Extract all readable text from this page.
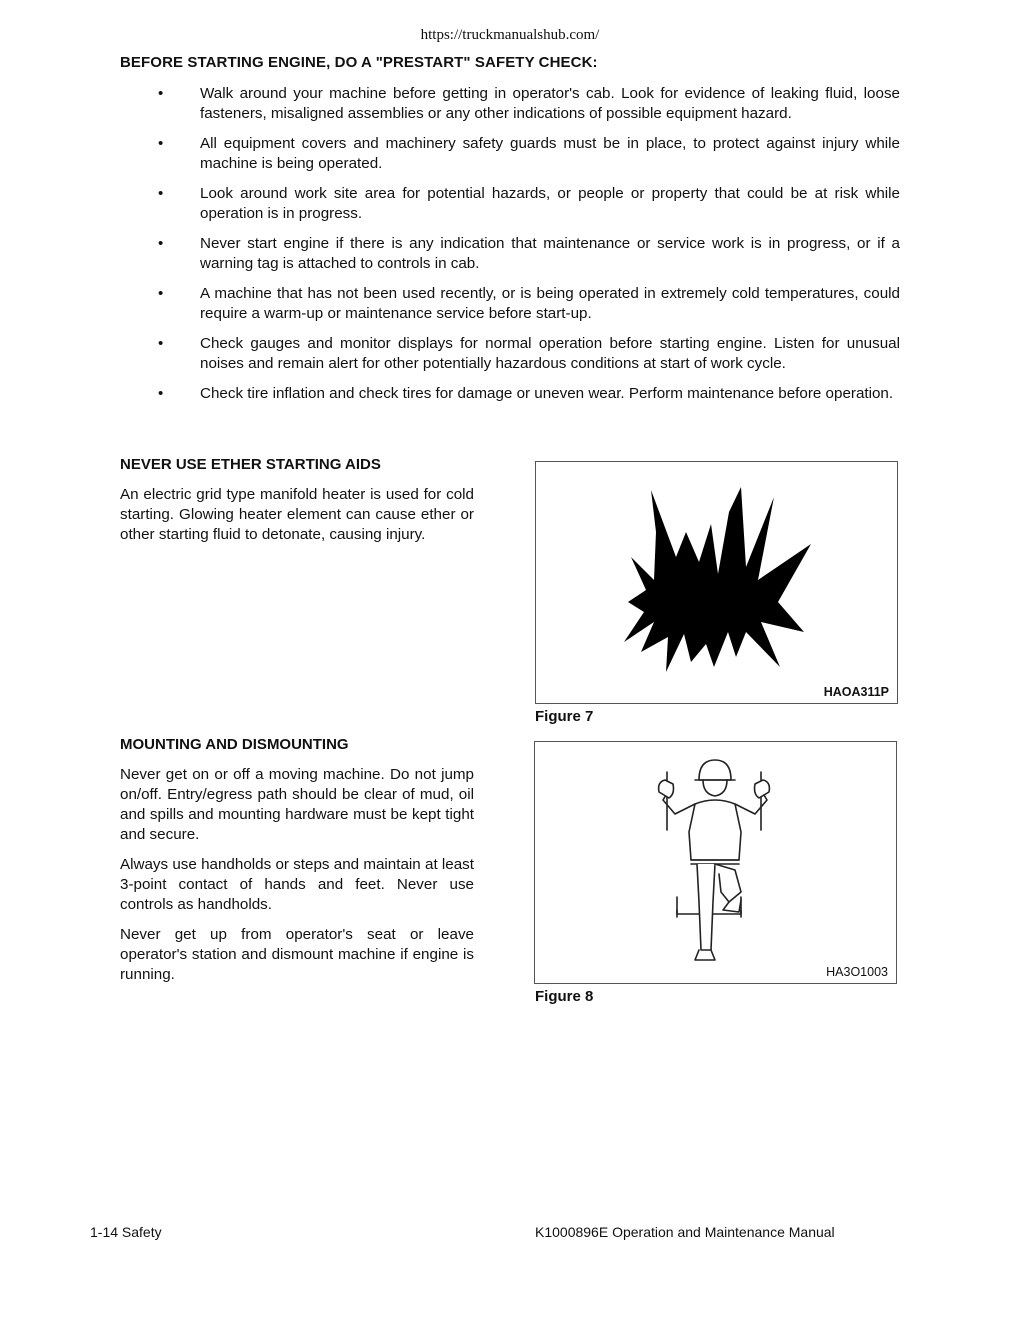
https://truckmanualshub.com/
BEFORE STARTING ENGINE, DO A "PRESTART" SAFETY CHECK:
• Walk around your machine before getting in operator's cab. Look for evidence of leaking fluid, loose fasteners, misaligned assemblies or any other indications of possible equipment hazard.
• All equipment covers and machinery safety guards must be in place, to protect against injury while machine is being operated.
• Look around work site area for potential hazards, or people or property that could be at risk while operation is in progress.
• Never start engine if there is any indication that maintenance or service work is in progress, or if a warning tag is attached to controls in cab.
• A machine that has not been used recently, or is being operated in extremely cold temperatures, could require a warm-up or maintenance service before start-up.
• Check gauges and monitor displays for normal operation before starting engine. Listen for unusual noises and remain alert for other potentially hazardous conditions at start of work cycle.
• Check tire inflation and check tires for damage or uneven wear. Perform maintenance before operation.
NEVER USE ETHER STARTING AIDS

An electric grid type manifold heater is used for cold starting. Glowing heater element can cause ether or other starting fluid to detonate, causing injury.

HAOA311P
Figure 7
MOUNTING AND DISMOUNTING

Never get on or off a moving machine. Do not jump on/off. Entry/egress path should be clear of mud, oil and spills and mounting hardware must be kept tight and secure.

Always use handholds or steps and maintain at least 3-point contact of hands and feet. Never use controls as handholds.

Never get up from operator's seat or leave operator's station and dismount machine if engine is running.	HA3O1003
Figure 8
1-14 Safety	K1000896E Operation and Maintenance Manual
